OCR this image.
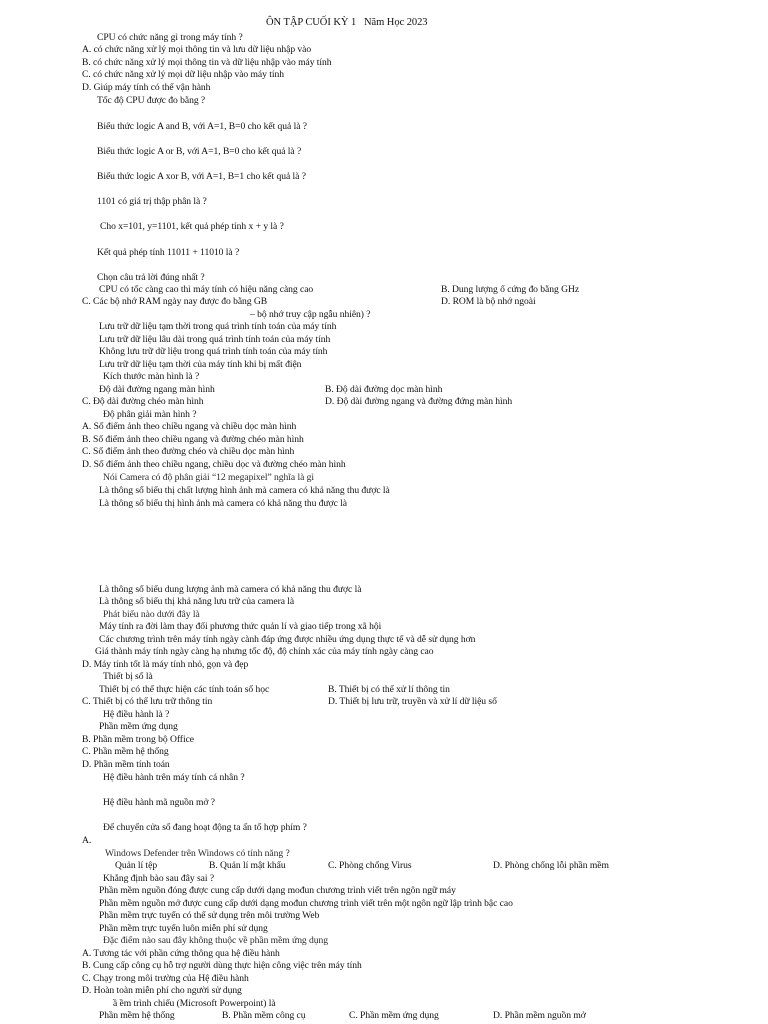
ÔN TẬP CUỐI KỲ 1 Năm Học 2023
CPU có chức năng gì trong máy tính ?
A. có chức năng xử lý mọi thông tin và lưu dữ liệu nhập vào
B. có chức năng xử lý mọi thông tin và dữ liệu nhập vào máy tính
C. có chức năng xử lý mọi dữ liệu nhập vào máy tính
D. Giúp máy tính có thể vận hành
Tốc độ CPU được đo bằng ?
Biểu thức logic A and B, với A=1, B=0 cho kết quả là ?
Biểu thức logic A or B, với A=1, B=0 cho kết quả là ?
Biểu thức logic A xor B, với A=1, B=1 cho kết quả là ?
1101 có giá trị thập phân là ?
Cho x=101, y=1101, kết quả phép tính x + y là ?
Kết quả phép tính 11011 + 11010 là ?
Chọn câu trả lời đúng nhất ?
CPU có tốc càng cao thì máy tính có hiệu năng càng cao	B. Dung lượng ổ cứng đo bằng GHz
C. Các bộ nhớ RAM ngày nay được đo bằng GB	D. ROM là bộ nhớ ngoài
– bộ nhớ truy cập ngẫu nhiên) ?
Lưu trữ dữ liệu tạm thời trong quá trình tính toán của máy tính
Lưu trữ dữ liệu lâu dài trong quá trình tính toán của máy tính
Không lưu trữ dữ liệu trong quá trình tính toán của máy tính
Lưu trữ dữ liệu tạm thời của máy tính khi bị mất điện
Kích thước màn hình là ?
Độ dài đường ngang màn hình	B. Độ dài đường dọc màn hình
C. Độ dài đường chéo màn hình	D. Độ dài đường ngang và đường đứng màn hình
Độ phân giải màn hình ?
A. Số điểm ảnh theo chiều ngang và chiều dọc màn hình
B. Số điểm ảnh theo chiều ngang và đường chéo màn hình
C. Số điểm ảnh theo đường chéo và chiều dọc màn hình
D. Số điểm ảnh theo chiều ngang, chiều dọc và đường chéo màn hình
Nói Camera có độ phân giải “12 megapixel” nghĩa là gì
Là thông số biểu thị chất lượng hình ảnh mà camera có khả năng thu được là
Là thông số biểu thị hình ảnh mà camera có khả năng thu được là
Là thông số biểu dung lượng ảnh mà camera có khả năng thu được là
Là thông số biểu thị khả năng lưu trữ của camera là
Phát biểu nào dưới đây là
Máy tính ra đời làm thay đổi phương thức quản lí và giao tiếp trong xã hội
Các chương trình trên máy tính ngày cành đáp ứng được nhiều ứng dụng thực tế và dễ sử dụng hơn
Giá thành máy tính ngày càng hạ nhưng tốc độ, độ chính xác của máy tính ngày càng cao
D. Máy tính tốt là máy tính nhỏ, gọn và đẹp
Thiết bị số là
Thiết bị có thể thực hiện các tính toán số học	B. Thiết bị có thể xử lí thông tin
C. Thiết bị có thể lưu trữ thông tin	D. Thiết bị lưu trữ, truyền và xử lí dữ liệu số
Hệ điều hành là ?
Phần mềm ứng dụng
B. Phần mềm trong bộ Office
C. Phần mềm hệ thống
D. Phần mềm tính toán
Hệ điều hành trên máy tính cá nhân ?
Hệ điều hành mã nguồn mở ?
Để chuyển cửa sổ đang hoạt động ta ấn tổ hợp phím ?
A.
Windows Defender trên Windows có tính năng ?
Quản lí tệp	B. Quản lí mật khẩu	C. Phòng chống Virus	D. Phòng chống lỗi phần mềm
Khẳng định bào sau đây sai ?
Phần mềm nguồn đóng được cung cấp dưới dạng mođun chương trình viết trên ngôn ngữ máy
Phần mềm nguồn mở được cung cấp dưới dạng mođun chương trình viết trên một ngôn ngữ lập trình bậc cao
Phần mềm trực tuyến có thể sử dụng trên môi trường Web
Phần mềm trực tuyến luôn miễn phí sử dụng
Đặc điểm nào sau đây không thuộc về phần mềm ứng dụng
A. Tương tác với phần cứng thông qua hệ điều hành
B. Cung cấp công cụ hỗ trợ người dùng thực hiện công việc trên máy tính
C. Chạy trong môi trường của Hệ điều hành
D. Hoàn toàn miễn phí cho người sử dụng
ầ ềm trình chiếu (Microsoft Powerpoint) là
Phần mềm hệ thống	B. Phần mềm công cụ	C. Phần mềm ứng dụng	D. Phần mềm nguồn mở
